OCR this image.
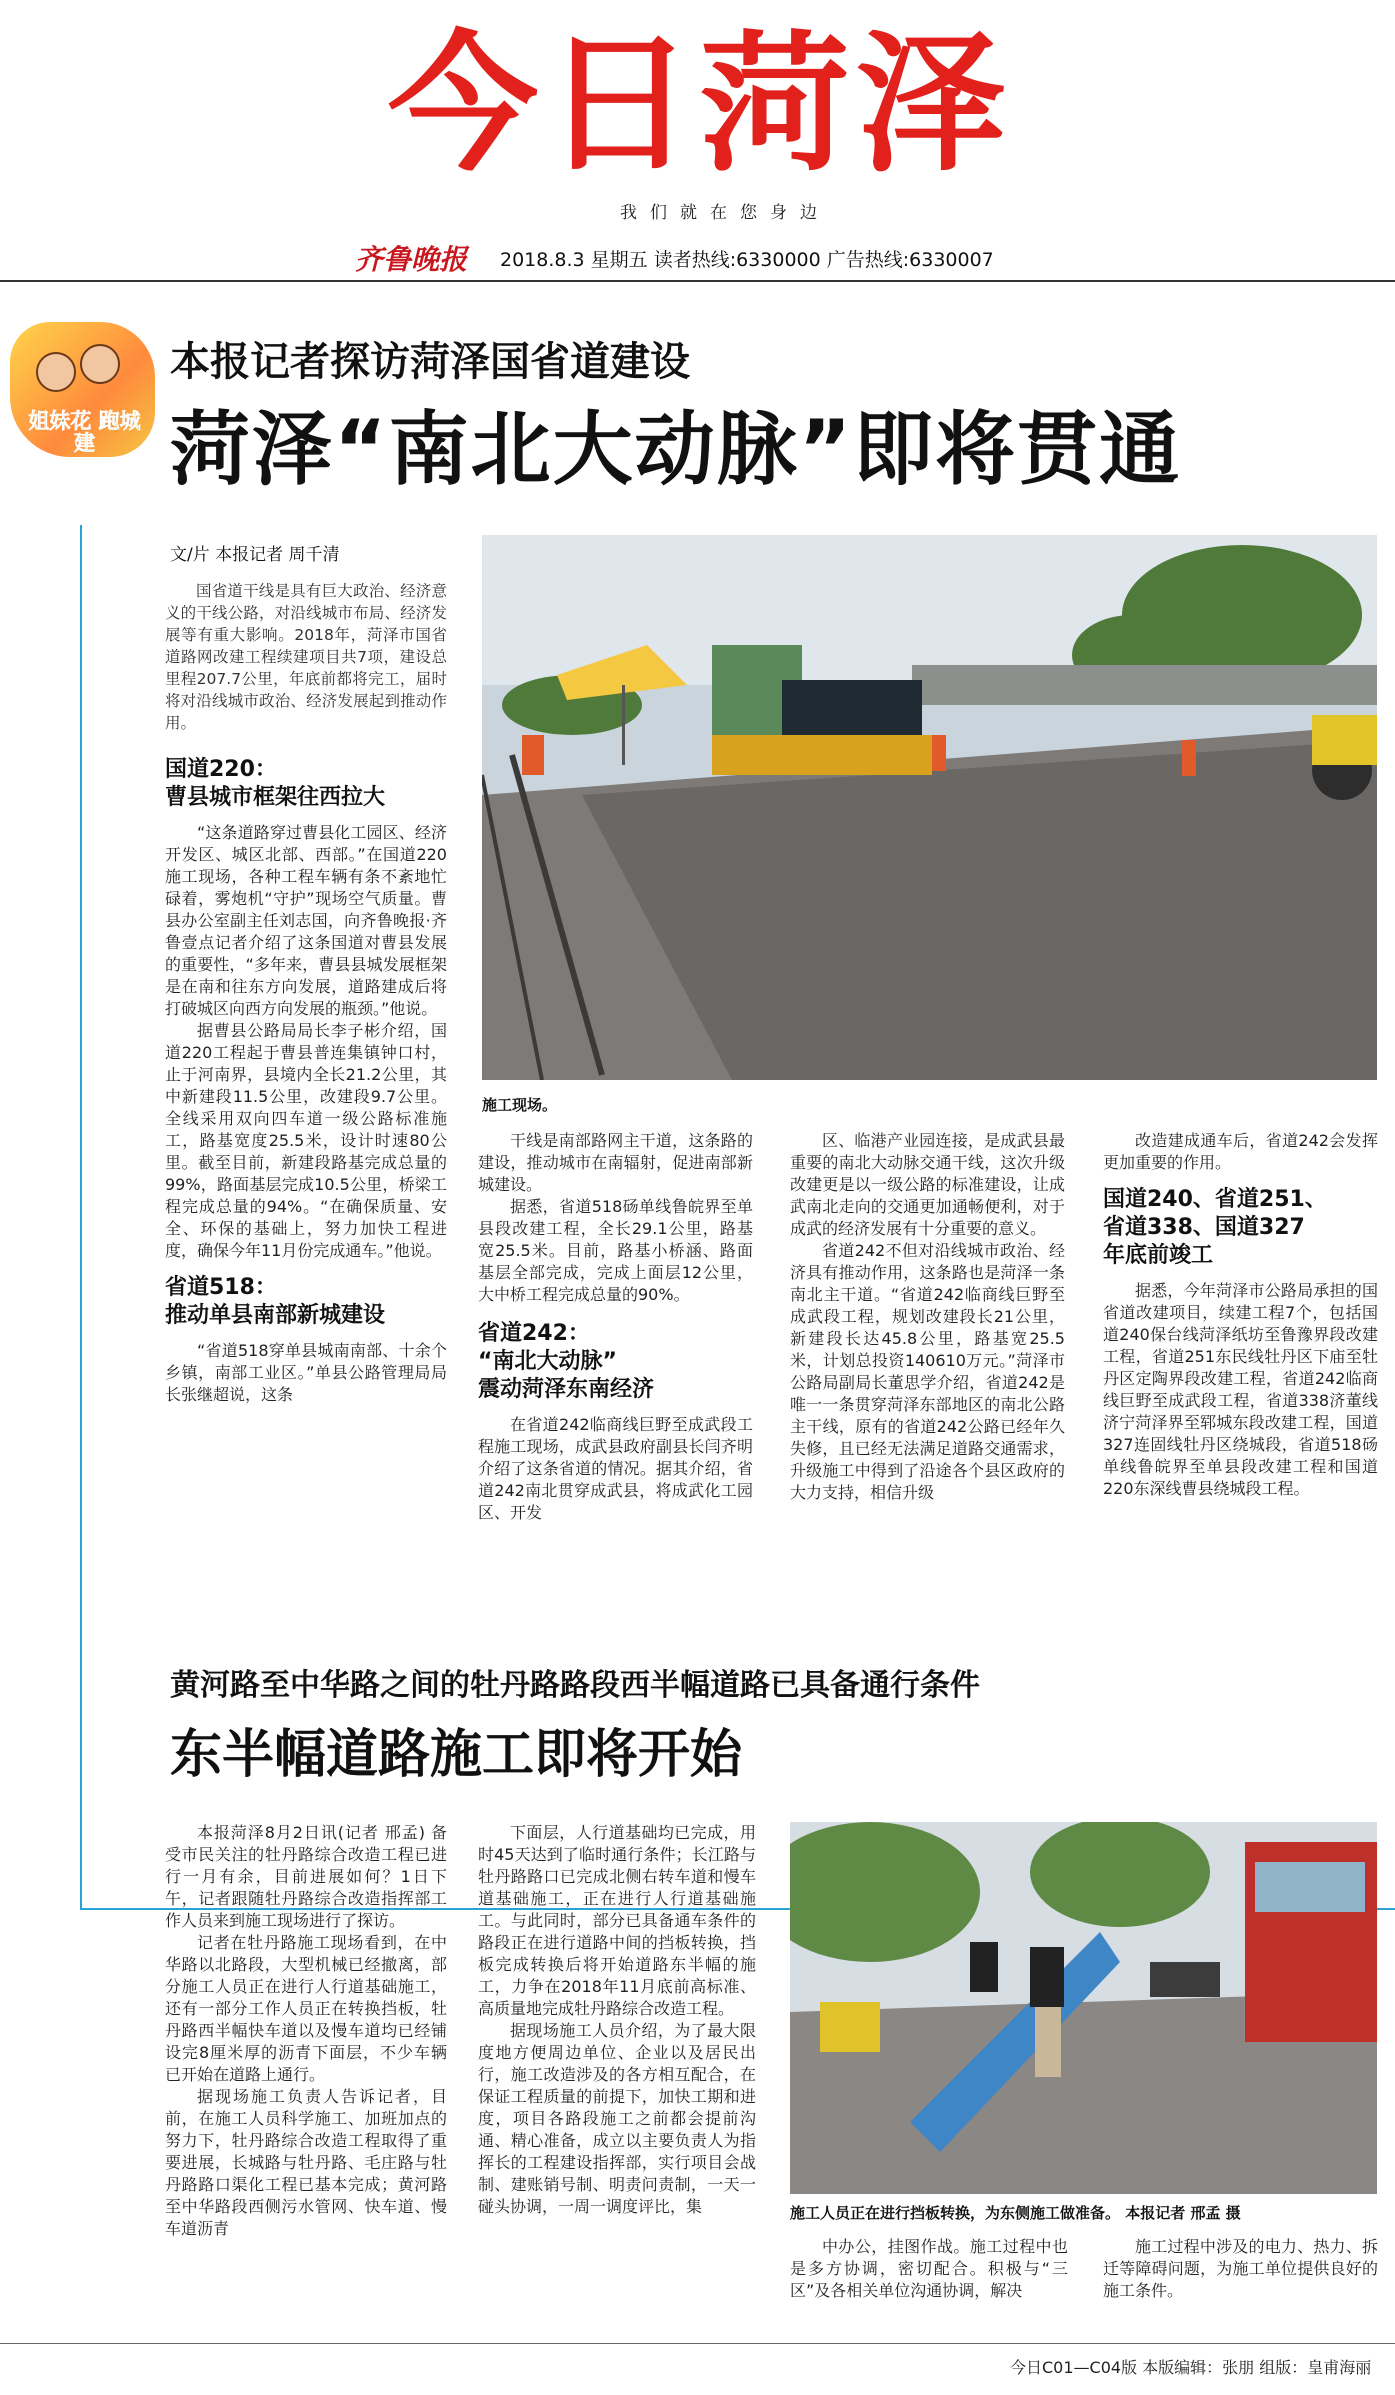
今日菏泽
我们就在您身边
齐鲁晚报 2018.8.3 星期五 读者热线:6330000 广告热线:6330007
姐妹花 跑城建
本报记者探访菏泽国省道建设
菏泽“南北大动脉”即将贯通
文/片 本报记者 周千清

国省道干线是具有巨大政治、经济意义的干线公路，对沿线城市布局、经济发展等有重大影响。2018年，菏泽市国省道路网改建工程续建项目共7项，建设总里程207.7公里，年底前都将完工，届时将对沿线城市政治、经济发展起到推动作用。

国道220：
曹县城市框架往西拉大

“这条道路穿过曹县化工园区、经济开发区、城区北部、西部。”在国道220施工现场，各种工程车辆有条不紊地忙碌着，雾炮机“守护”现场空气质量。曹县办公室副主任刘志国，向齐鲁晚报·齐鲁壹点记者介绍了这条国道对曹县发展的重要性，“多年来，曹县县城发展框架是在南和往东方向发展，道路建成后将打破城区向西方向发展的瓶颈。”他说。

据曹县公路局局长李子彬介绍，国道220工程起于曹县普连集镇钟口村，止于河南界，县境内全长21.2公里，其中新建段11.5公里，改建段9.7公里。全线采用双向四车道一级公路标准施工，路基宽度25.5米，设计时速80公里。截至目前，新建段路基完成总量的99%，路面基层完成10.5公里，桥梁工程完成总量的94%。“在确保质量、安全、环保的基础上，努力加快工程进度，确保今年11月份完成通车。”他说。

省道518：
推动单县南部新城建设

“省道518穿单县城南南部、十余个乡镇，南部工业区。”单县公路管理局局长张继超说，这条

施工现场。

干线是南部路网主干道，这条路的建设，推动城市在南辐射，促进南部新城建设。

据悉，省道518砀单线鲁皖界至单县段改建工程，全长29.1公里，路基宽25.5米。目前，路基小桥涵、路面基层全部完成，完成上面层12公里，大中桥工程完成总量的90%。

省道242：
“南北大动脉”
震动菏泽东南经济

在省道242临商线巨野至成武段工程施工现场，成武县政府副县长闫齐明介绍了这条省道的情况。据其介绍，省道242南北贯穿成武县，将成武化工园区、开发

区、临港产业园连接，是成武县最重要的南北大动脉交通干线，这次升级改建更是以一级公路的标准建设，让成武南北走向的交通更加通畅便利，对于成武的经济发展有十分重要的意义。

省道242不但对沿线城市政治、经济具有推动作用，这条路也是菏泽一条南北主干道。“省道242临商线巨野至成武段工程，规划改建段长21公里，新建段长达45.8公里，路基宽25.5米，计划总投资140610万元。”菏泽市公路局副局长董思学介绍，省道242是唯一一条贯穿菏泽东部地区的南北公路主干线，原有的省道242公路已经年久失修，且已经无法满足道路交通需求，升级施工中得到了沿途各个县区政府的大力支持，相信升级

改造建成通车后，省道242会发挥更加重要的作用。

国道240、省道251、
省道338、国道327
年底前竣工

据悉，今年菏泽市公路局承担的国省道改建项目，续建工程7个，包括国道240保台线菏泽纸坊至鲁豫界段改建工程，省道251东民线牡丹区下庙至牡丹区定陶界段改建工程，省道242临商线巨野至成武段工程，省道338济董线济宁菏泽界至郓城东段改建工程，国道327连固线牡丹区绕城段，省道518砀单线鲁皖界至单县段改建工程和国道220东深线曹县绕城段工程。

黄河路至中华路之间的牡丹路路段西半幅道路已具备通行条件
东半幅道路施工即将开始

本报菏泽8月2日讯(记者 邢孟) 备受市民关注的牡丹路综合改造工程已进行一月有余，目前进展如何？1日下午，记者跟随牡丹路综合改造指挥部工作人员来到施工现场进行了探访。

记者在牡丹路施工现场看到，在中华路以北路段，大型机械已经撤离，部分施工人员正在进行人行道基础施工，还有一部分工作人员正在转换挡板，牡丹路西半幅快车道以及慢车道均已经铺设完8厘米厚的沥青下面层，不少车辆已开始在道路上通行。

据现场施工负责人告诉记者，目前，在施工人员科学施工、加班加点的努力下，牡丹路综合改造工程取得了重要进展，长城路与牡丹路、毛庄路与牡丹路路口渠化工程已基本完成；黄河路至中华路段西侧污水管网、快车道、慢车道沥青

下面层，人行道基础均已完成，用时45天达到了临时通行条件；长江路与牡丹路路口已完成北侧右转车道和慢车道基础施工，正在进行人行道基础施工。与此同时，部分已具备通车条件的路段正在进行道路中间的挡板转换，挡板完成转换后将开始道路东半幅的施工，力争在2018年11月底前高标准、高质量地完成牡丹路综合改造工程。

据现场施工人员介绍，为了最大限度地方便周边单位、企业以及居民出行，施工改造涉及的各方相互配合，在保证工程质量的前提下，加快工期和进度，项目各路段施工之前都会提前沟通、精心准备，成立以主要负责人为指挥长的工程建设指挥部，实行项目会战制、建账销号制、明责问责制，一天一碰头协调，一周一调度评比，集	施工人员正在进行挡板转换，为东侧施工做准备。 本报记者 邢孟 摄

中办公，挂图作战。施工过程中也是多方协调，密切配合。积极与“三区”及各相关单位沟通协调，解决

施工过程中涉及的电力、热力、拆迁等障碍问题，为施工单位提供良好的施工条件。

今日C01—C04版 本版编辑：张朋 组版：皇甫海丽
